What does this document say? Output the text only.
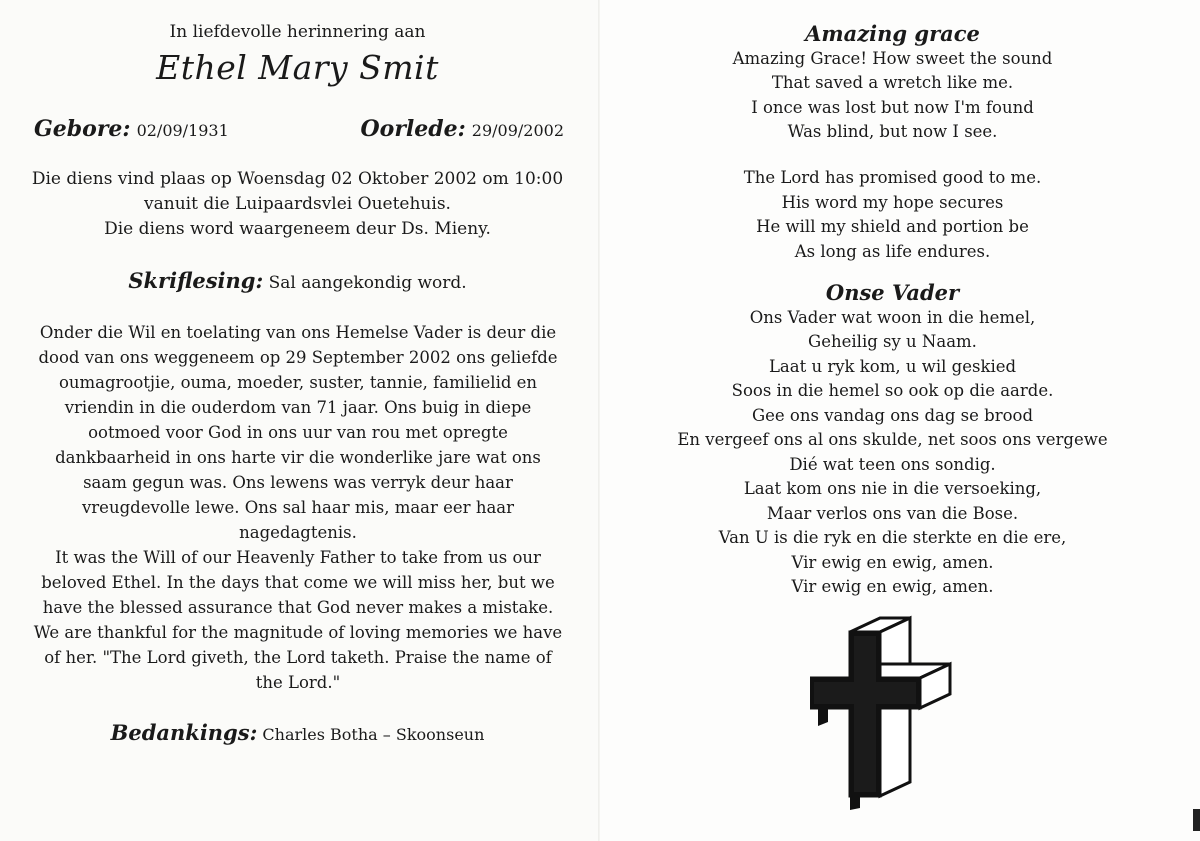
In liefdevolle herinnering aan
Ethel Mary Smit
Gebore: 02/09/1931	Oorlede: 29/09/2002
Die diens vind plaas op Woensdag 02 Oktober 2002 om 10:00
vanuit die Luipaardsvlei Ouetehuis.
Die diens word waargeneem deur Ds. Mieny.
Skriflesing: Sal aangekondig word.
Onder die Wil en toelating van ons Hemelse Vader is deur die
dood van ons weggeneem op 29 September 2002 ons geliefde
oumagrootjie, ouma, moeder, suster, tannie, familielid en
vriendin in die ouderdom van 71 jaar. Ons buig in diepe
ootmoed voor God in ons uur van rou met opregte
dankbaarheid in ons harte vir die wonderlike jare wat ons
saam gegun was. Ons lewens was verryk deur haar
vreugdevolle lewe. Ons sal haar mis, maar eer haar
nagedagtenis.
It was the Will of our Heavenly Father to take from us our
beloved Ethel. In the days that come we will miss her, but we
have the blessed assurance that God never makes a mistake.
We are thankful for the magnitude of loving memories we have
of her. "The Lord giveth, the Lord taketh. Praise the name of
the Lord."
Bedankings: Charles Botha – Skoonseun
Amazing grace
Amazing Grace! How sweet the sound
That saved a wretch like me.
I once was lost but now I'm found
Was blind, but now I see.
The Lord has promised good to me.
His word my hope secures
He will my shield and portion be
As long as life endures.
Onse Vader
Ons Vader wat woon in die hemel,
Geheilig sy u Naam.
Laat u ryk kom, u wil geskied
Soos in die hemel so ook op die aarde.
Gee ons vandag ons dag se brood
En vergeef ons al ons skulde, net soos ons vergewe
Dié wat teen ons sondig.
Laat kom ons nie in die versoeking,
Maar verlos ons van die Bose.
Van U is die ryk en die sterkte en die ere,
Vir ewig en ewig, amen.
Vir ewig en ewig, amen.
